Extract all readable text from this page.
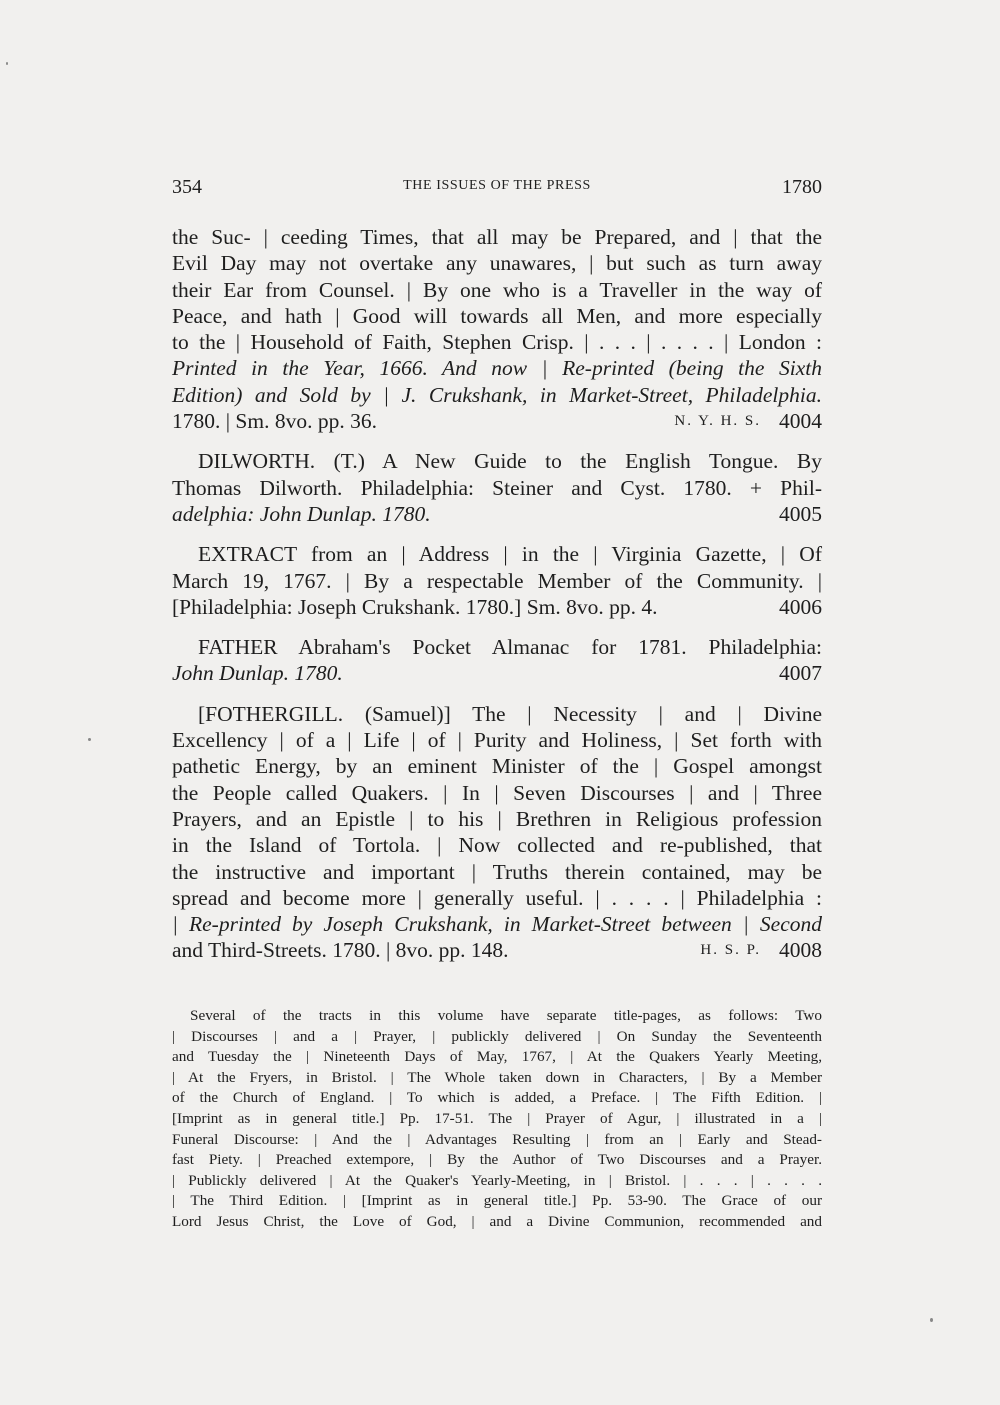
354	THE ISSUES OF THE PRESS	1780
the Suc- | ceeding Times, that all may be Prepared, and | that the
Evil Day may not overtake any unawares, | but such as turn away
their Ear from Counsel. | By one who is a Traveller in the way of
Peace, and hath | Good will towards all Men, and more especially
to the | Household of Faith, Stephen Crisp. | . . . | . . . . | London :
Printed in the Year, 1666. And now | Re-printed (being the Sixth
Edition) and Sold by | J. Crukshank, in Market-Street, Philadelphia.
4004
N. Y. H. S.
1780. | Sm. 8vo. pp. 36.
DILWORTH. (T.) A New Guide to the English Tongue. By
Thomas Dilworth. Philadelphia: Steiner and Cyst. 1780. + Phil-
4005
adelphia: John Dunlap. 1780.
EXTRACT from an | Address | in the | Virginia Gazette, | Of
March 19, 1767. | By a respectable Member of the Community. |
4006
[Philadelphia: Joseph Crukshank. 1780.] Sm. 8vo. pp. 4.
FATHER Abraham's Pocket Almanac for 1781. Philadelphia:
4007
John Dunlap. 1780.
[FOTHERGILL. (Samuel)] The | Necessity | and | Divine
Excellency | of a | Life | of | Purity and Holiness, | Set forth with
pathetic Energy, by an eminent Minister of the | Gospel amongst
the People called Quakers. | In | Seven Discourses | and | Three
Prayers, and an Epistle | to his | Brethren in Religious profession
in the Island of Tortola. | Now collected and re-published, that
the instructive and important | Truths therein contained, may be
spread and become more | generally useful. | . . . . | Philadelphia :
| Re-printed by Joseph Crukshank, in Market-Street between | Second
4008
H. S. P.
and Third-Streets. 1780. | 8vo. pp. 148.
Several of the tracts in this volume have separate title-pages, as follows: Two
| Discourses | and a | Prayer, | publickly delivered | On Sunday the Seventeenth
and Tuesday the | Nineteenth Days of May, 1767, | At the Quakers Yearly Meeting,
| At the Fryers, in Bristol. | The Whole taken down in Characters, | By a Member
of the Church of England. | To which is added, a Preface. | The Fifth Edition. |
[Imprint as in general title.] Pp. 17-51. The | Prayer of Agur, | illustrated in a |
Funeral Discourse: | And the | Advantages Resulting | from an | Early and Stead-
fast Piety. | Preached extempore, | By the Author of Two Discourses and a Prayer.
| Publickly delivered | At the Quaker's Yearly-Meeting, in | Bristol. | . . . | . . . .
| The Third Edition. | [Imprint as in general title.] Pp. 53-90. The Grace of our
Lord Jesus Christ, the Love of God, | and a Divine Communion, recommended and
